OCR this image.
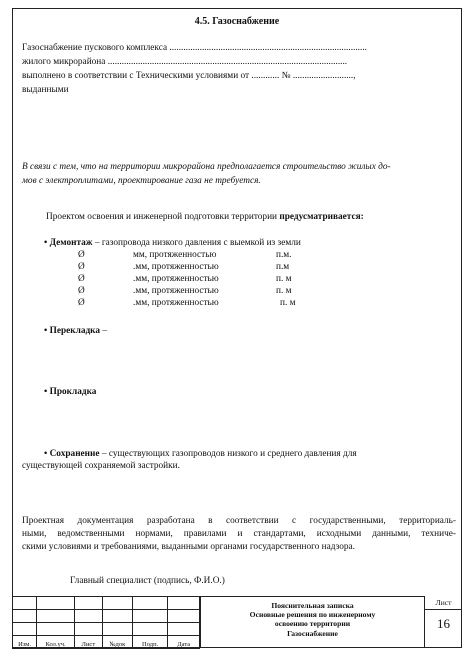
4.5. Газоснабжение
Газоснабжение пускового комплекса .....................................................................................
жилого микрорайона .......................................................................................................
выполнено в соответствии с Техническими условиями от ............ № ..........................,
выданными
В связи с тем, что на территории микрорайона предполагается строительство жилых до-
мов с электроплитами, проектирование газа не требуется.
Проектом освоения и инженерной подготовки территории предусматривается:
• Демонтаж – газопровода низкого давления с выемкой из земли
Ø	мм, протяженностью	п.м.
Ø	.мм, протяженностью	п.м
Ø	.мм, протяженностью	п. м
Ø	.мм, протяженностью	п. м
Ø	.мм, протяженностью	п. м
• Перекладка –
• Прокладка
• Сохранение – существующих газопроводов низкого и среднего давления для
существующей сохраняемой застройки.
Проектная документация разработана в соответствии с государственными, территориаль-
ными, ведомственными нормами, правилами и стандартами, исходными данными, техниче-
скими условиями и требованиями, выданными органами государственного надзора.
Главный специалист (подпись, Ф.И.О.)

Изм.	Кол.уч.	Лист	№док	Подп.	Дата
Пояснительная записка
Основные решения по инженерному
освоению территории
Газоснабжение
Лист
16
